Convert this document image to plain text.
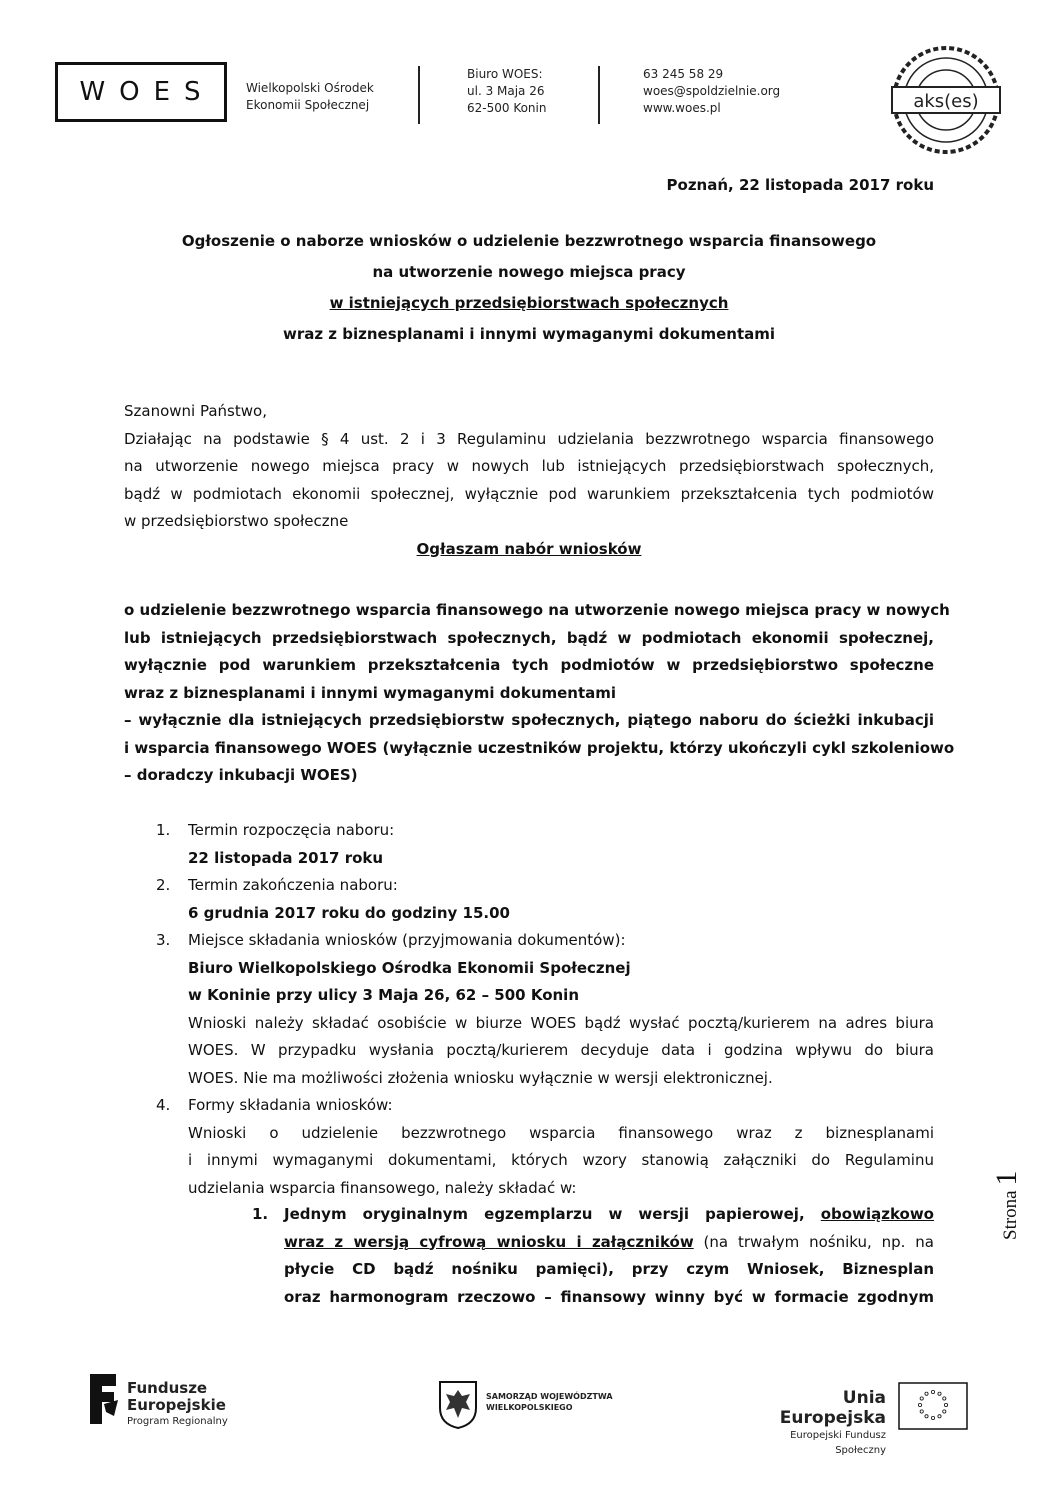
WOES	Wielkopolski Ośrodek
Ekonomii Społecznej
Biuro WOES:
ul. 3 Maja 26
62-500 Konin
63 245 58 29
woes@spoldzielnie.org
www.woes.pl	aks(es)
Poznań, 22 listopada 2017 roku
Ogłoszenie o naborze wniosków o udzielenie bezzwrotnego wsparcia finansowego
na utworzenie nowego miejsca pracy
w istniejących przedsiębiorstwach społecznych
wraz z biznesplanami i innymi wymaganymi dokumentami
Szanowni Państwo,
Działając na podstawie § 4 ust. 2 i 3 Regulaminu udzielania bezzwrotnego wsparcia finansowego
na utworzenie nowego miejsca pracy w nowych lub istniejących przedsiębiorstwach społecznych,
bądź w podmiotach ekonomii społecznej, wyłącznie pod warunkiem przekształcenia tych podmiotów
w przedsiębiorstwo społeczne
Ogłaszam nabór wniosków
o udzielenie bezzwrotnego wsparcia finansowego na utworzenie nowego miejsca pracy w nowych
lub istniejących przedsiębiorstwach społecznych, bądź w podmiotach ekonomii społecznej,
wyłącznie pod warunkiem przekształcenia tych podmiotów w przedsiębiorstwo społeczne
wraz z biznesplanami i innymi wymaganymi dokumentami
– wyłącznie dla istniejących przedsiębiorstw społecznych, piątego naboru do ścieżki inkubacji
i wsparcia finansowego WOES (wyłącznie uczestników projektu, którzy ukończyli cykl szkoleniowo
– doradczy inkubacji WOES)
1. Termin rozpoczęcia naboru:
22 listopada 2017 roku
2. Termin zakończenia naboru:
6 grudnia 2017 roku do godziny 15.00
3. Miejsce składania wniosków (przyjmowania dokumentów):
Biuro Wielkopolskiego Ośrodka Ekonomii Społecznej
w Koninie przy ulicy 3 Maja 26, 62 – 500 Konin
Wnioski należy składać osobiście w biurze WOES bądź wysłać pocztą/kurierem na adres biura
WOES. W przypadku wysłania pocztą/kurierem decyduje data i godzina wpływu do biura
WOES. Nie ma możliwości złożenia wniosku wyłącznie w wersji elektronicznej.
4. Formy składania wniosków:
Wnioski o udzielenie bezzwrotnego wsparcia finansowego wraz z biznesplanami
i innymi wymaganymi dokumentami, których wzory stanowią załączniki do Regulaminu
udzielania wsparcia finansowego, należy składać w:
1. Jednym oryginalnym egzemplarzu w wersji papierowej, obowiązkowo
wraz z wersją cyfrową wniosku i załączników (na trwałym nośniku, np. na
płycie CD bądź nośniku pamięci), przy czym Wniosek, Biznesplan
oraz harmonogram rzeczowo – finansowy winny być w formacie zgodnym
Strona 1
Fundusze
Europejskie
Program Regionalny
SAMORZĄD WOJEWÓDZTWA
WIELKOPOLSKIEGO	Unia Europejska
Europejski Fundusz Społeczny
